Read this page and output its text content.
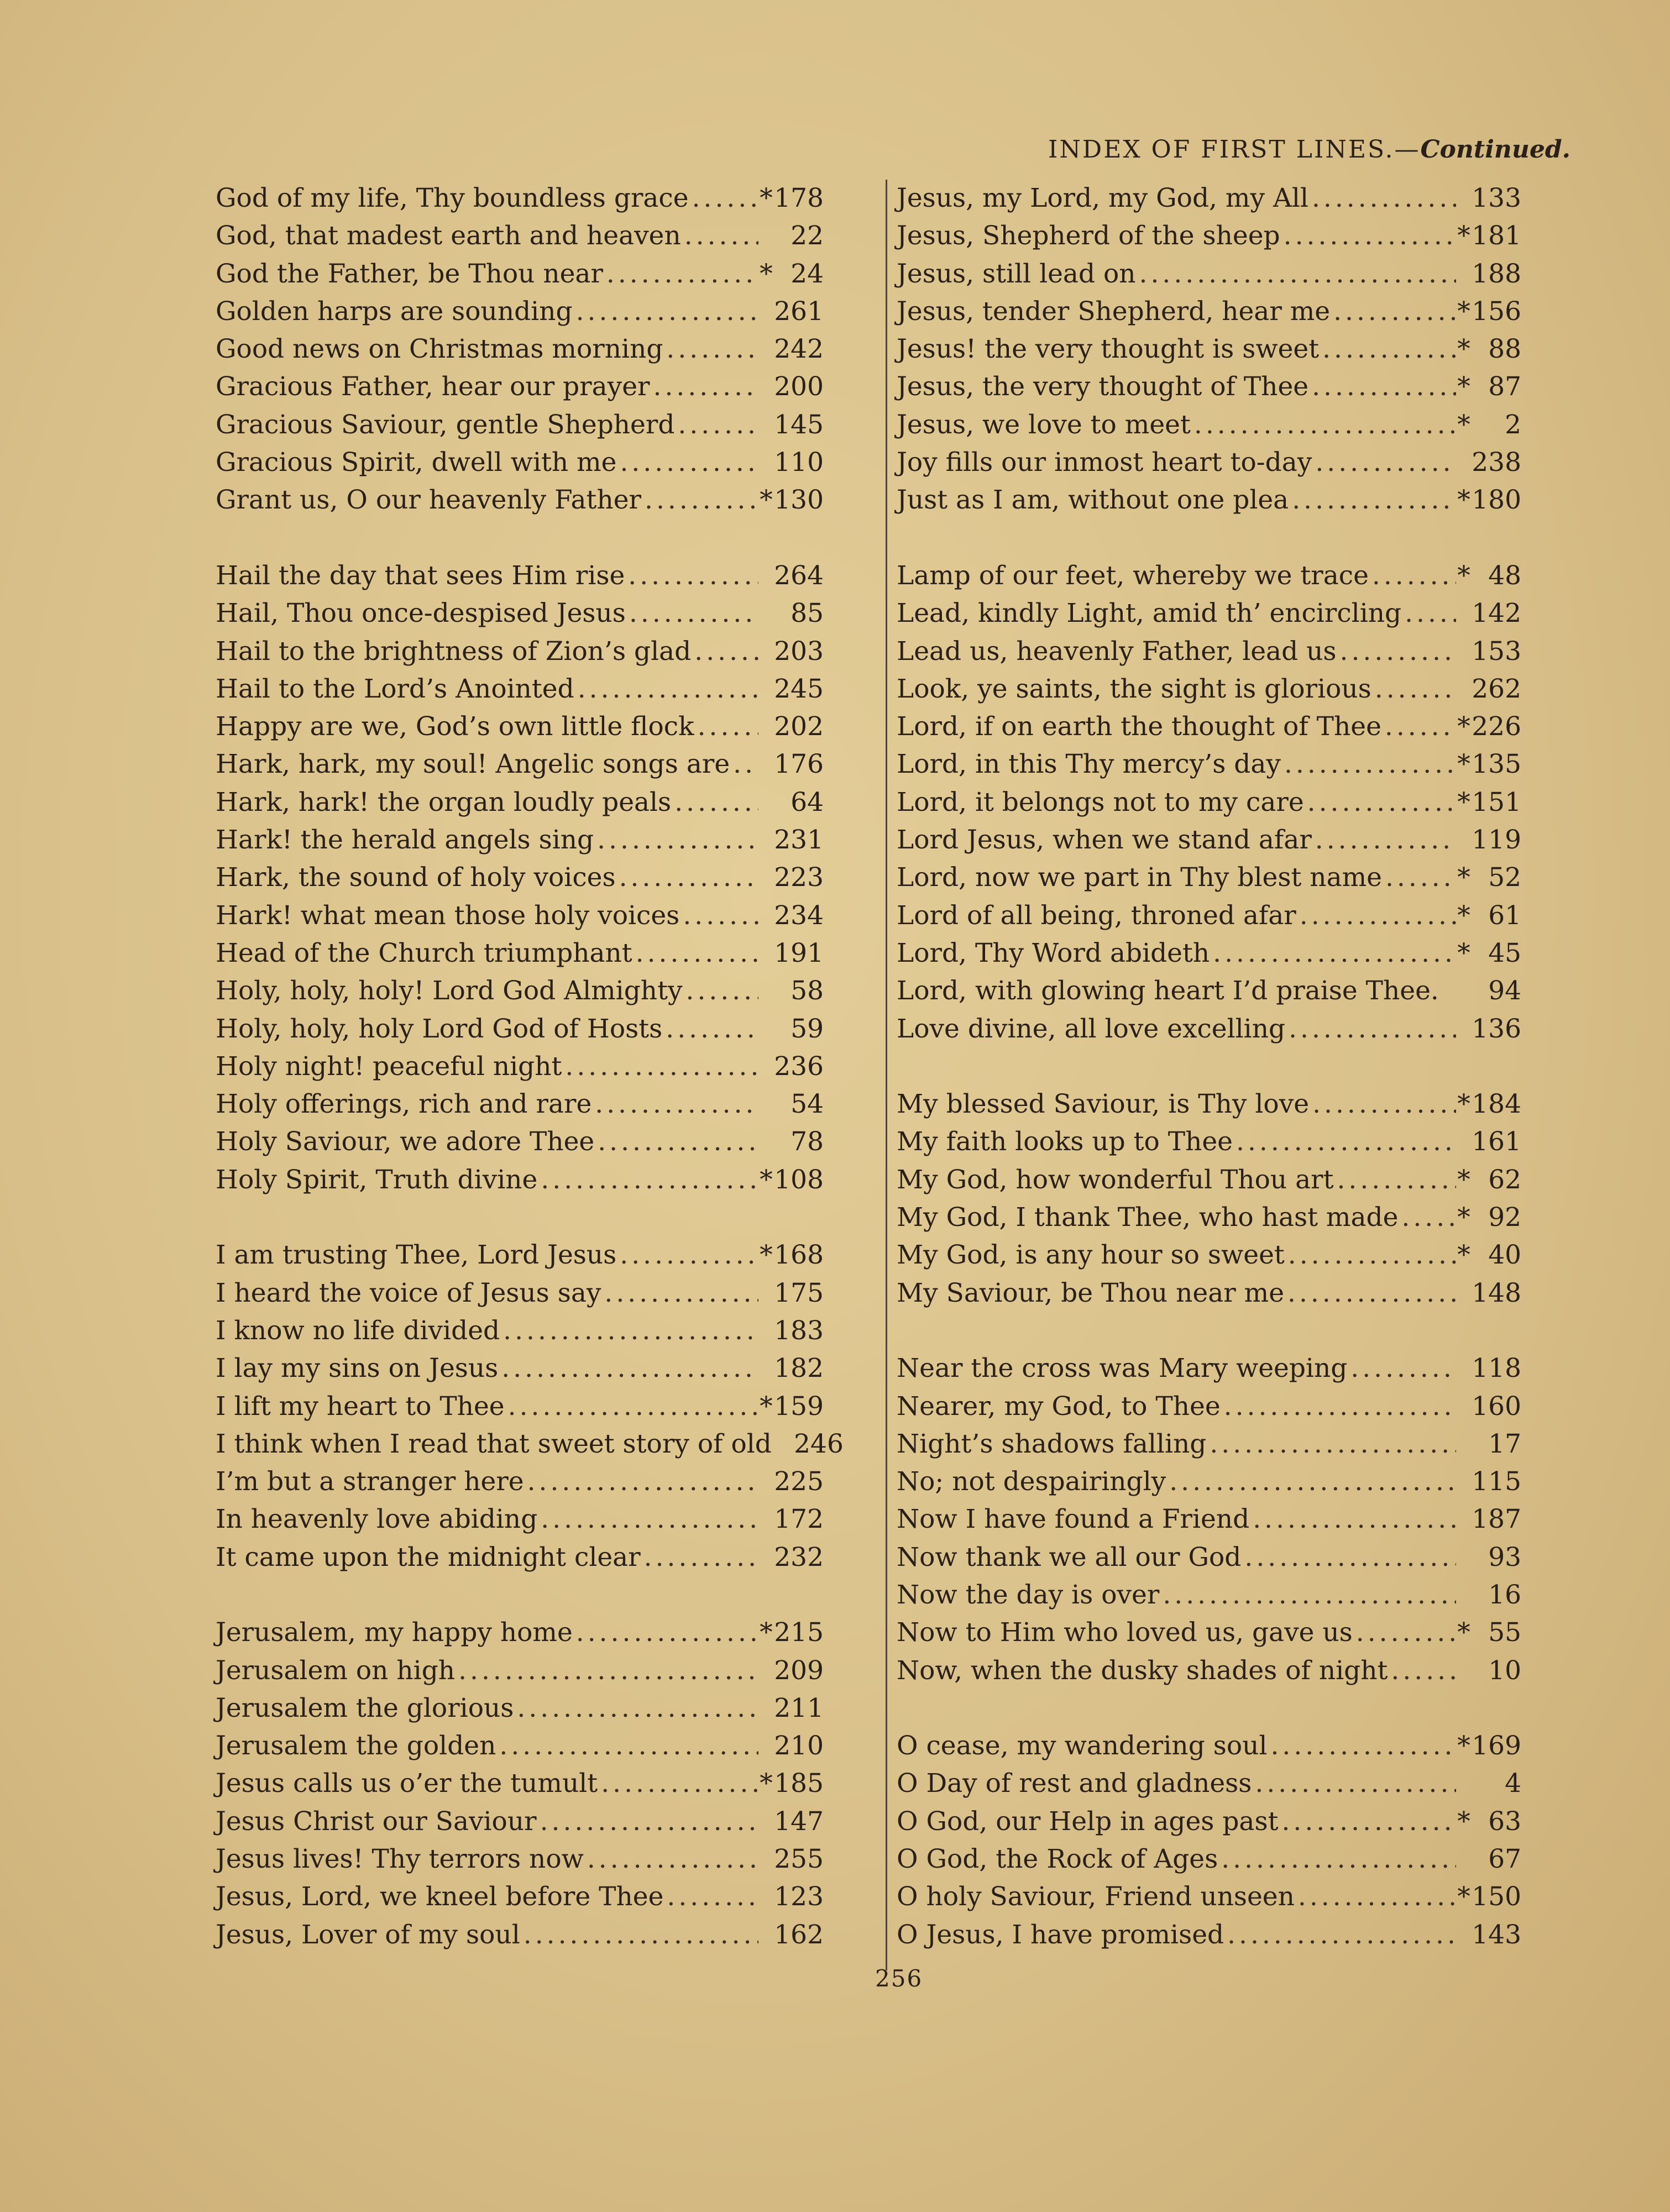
INDEX OF FIRST LINES.—Continued.
God of my life, Thy boundless grace .....	* 178
God, that madest earth and heaven .....	22
God the Father, be Thou near .....	* 24
Golden harps are sounding .....	261
Good news on Christmas morning .....	242
Gracious Father, hear our prayer .....	200
Gracious Saviour, gentle Shepherd .....	145
Gracious Spirit, dwell with me .....	110
Grant us, O our heavenly Father .....	* 130
Hail the day that sees Him rise .....	264
Hail, Thou once-despised Jesus .....	85
Hail to the brightness of Zion’s glad .....	203
Hail to the Lord’s Anointed .....	245
Happy are we, God’s own little flock .....	202
Hark, hark, my soul! Angelic songs are ..... 176
Hark, hark! the organ loudly peals .....	64
Hark! the herald angels sing .....	231
Hark, the sound of holy voices .....	223
Hark! what mean those holy voices .....	234
Head of the Church triumphant .....	191
Holy, holy, holy! Lord God Almighty .....	58
Holy, holy, holy Lord God of Hosts .....	59
Holy night! peaceful night .....	236
Holy offerings, rich and rare .....	54
Holy Saviour, we adore Thee .....	78
Holy Spirit, Truth divine .....	* 108
I am trusting Thee, Lord Jesus .....	* 168
I heard the voice of Jesus say .....	175
I know no life divided .....	183
I lay my sins on Jesus .....	182
I lift my heart to Thee .....	* 159
I think when I read that sweet story of old 246
I’m but a stranger here .....	225
In heavenly love abiding .....	172
It came upon the midnight clear .....	232
Jerusalem, my happy home .....	* 215
Jerusalem on high .....	209
Jerusalem the glorious .....	211
Jerusalem the golden .....	210
Jesus calls us o’er the tumult .....	* 185
Jesus Christ our Saviour .....	147
Jesus lives! Thy terrors now .....	255
Jesus, Lord, we kneel before Thee .....	123
Jesus, Lover of my soul .....	162
Jesus, my Lord, my God, my All .....	133
Jesus, Shepherd of the sheep .....	* 181
Jesus, still lead on .....	188
Jesus, tender Shepherd, hear me .....	* 156
Jesus! the very thought is sweet .....	* 88
Jesus, the very thought of Thee .....	* 87
Jesus, we love to meet .....	*	2
Joy fills our inmost heart to-day .....	238
Just as I am, without one plea .....	* 180
Lamp of our feet, whereby we trace .....	* 48
Lead, kindly Light, amid th’ encircling .....	142
Lead us, heavenly Father, lead us .....	153
Look, ye saints, the sight is glorious .....	262
Lord, if on earth the thought of Thee .....	* 226
Lord, in this Thy mercy’s day .....	* 135
Lord, it belongs not to my care .....	* 151
Lord Jesus, when we stand afar .....	119
Lord, now we part in Thy blest name .....	* 52
Lord of all being, throned afar .....	* 61
Lord, Thy Word abideth .....	* 45
Lord, with glowing heart I’d praise Thee.	94
Love divine, all love excelling .....	136
My blessed Saviour, is Thy love .....	* 184
My faith looks up to Thee .....	161
My God, how wonderful Thou art .....	* 62
My God, I thank Thee, who hast made ..... * 92
My God, is any hour so sweet .....	* 40
My Saviour, be Thou near me .....	148
Near the cross was Mary weeping .....	118
Nearer, my God, to Thee .....	160
Night’s shadows falling .....	17
No; not despairingly .....	115
Now I have found a Friend .....	187
Now thank we all our God .....	93
Now the day is over .....	16
Now to Him who loved us, gave us .....	* 55
Now, when the dusky shades of night .....	10
O cease, my wandering soul .....	* 169
O Day of rest and gladness .....	4
O God, our Help in ages past .....	* 63
O God, the Rock of Ages .....	67
O holy Saviour, Friend unseen .....	* 150
O Jesus, I have promised .....	143
256
